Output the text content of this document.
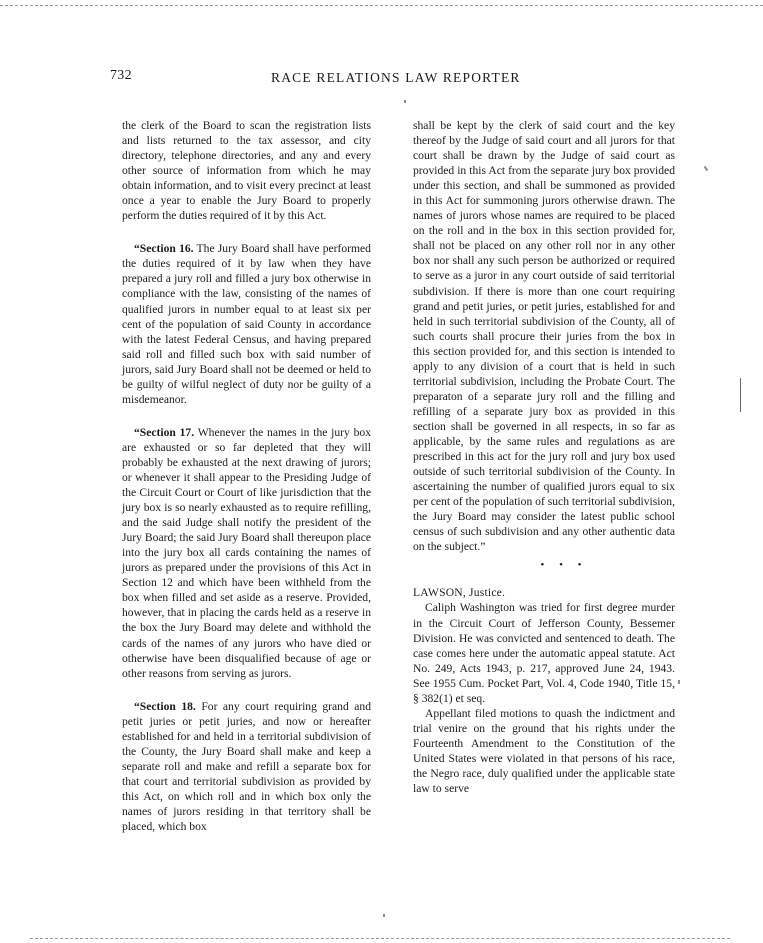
732	RACE RELATIONS LAW REPORTER

the clerk of the Board to scan the registration lists and lists returned to the tax assessor, and city directory, telephone directories, and any and every other source of information from which he may obtain information, and to visit every precinct at least once a year to enable the Jury Board to properly perform the duties required of it by this Act.

“Section 16. The Jury Board shall have performed the duties required of it by law when they have prepared a jury roll and filled a jury box otherwise in compliance with the law, consisting of the names of qualified jurors in number equal to at least six per cent of the population of said County in accordance with the latest Federal Census, and having prepared said roll and filled such box with said number of jurors, said Jury Board shall not be deemed or held to be guilty of wilful neglect of duty nor be guilty of a misdemeanor.

“Section 17. Whenever the names in the jury box are exhausted or so far depleted that they will probably be exhausted at the next drawing of jurors; or whenever it shall appear to the Presiding Judge of the Circuit Court or Court of like jurisdiction that the jury box is so nearly exhausted as to require refilling, and the said Judge shall notify the president of the Jury Board; the said Jury Board shall thereupon place into the jury box all cards containing the names of jurors as prepared under the provisions of this Act in Section 12 and which have been withheld from the box when filled and set aside as a reserve. Provided, however, that in placing the cards held as a reserve in the box the Jury Board may delete and withhold the cards of the names of any jurors who have died or otherwise have been disqualified because of age or other reasons from serving as jurors.

“Section 18. For any court requiring grand and petit juries or petit juries, and now or hereafter established for and held in a territorial subdivision of the County, the Jury Board shall make and keep a separate roll and make and refill a separate box for that court and territorial subdivision as provided by this Act, on which roll and in which box only the names of jurors residing in that territory shall be placed, which box

shall be kept by the clerk of said court and the key thereof by the Judge of said court and all jurors for that court shall be drawn by the Judge of said court as provided in this Act from the separate jury box provided under this section, and shall be summoned as provided in this Act for summoning jurors otherwise drawn. The names of jurors whose names are required to be placed on the roll and in the box in this section provided for, shall not be placed on any other roll nor in any other box nor shall any such person be authorized or required to serve as a juror in any court outside of said territorial subdivision. If there is more than one court requiring grand and petit juries, or petit juries, established for and held in such territorial subdivision of the County, all of such courts shall procure their juries from the box in this section provided for, and this section is intended to apply to any division of a court that is held in such territorial subdivision, including the Probate Court. The preparaton of a separate jury roll and the filling and refilling of a separate jury box as provided in this section shall be governed in all respects, in so far as applicable, by the same rules and regulations as are prescribed in this act for the jury roll and jury box used outside of such territorial subdivision of the County. In ascertaining the number of qualified jurors equal to six per cent of the population of such territorial subdivision, the Jury Board may consider the latest public school census of such subdivision and any other authentic data on the subject.”

• • •

LAWSON, Justice.

Caliph Washington was tried for first degree murder in the Circuit Court of Jefferson County, Bessemer Division. He was convicted and sentenced to death. The case comes here under the automatic appeal statute. Act No. 249, Acts 1943, p. 217, approved June 24, 1943. See 1955 Cum. Pocket Part, Vol. 4, Code 1940, Title 15, § 382(1) et seq.

Appellant filed motions to quash the indictment and trial venire on the ground that his rights under the Fourteenth Amendment to the Constitution of the United States were violated in that persons of his race, the Negro race, duly qualified under the applicable state law to serve
